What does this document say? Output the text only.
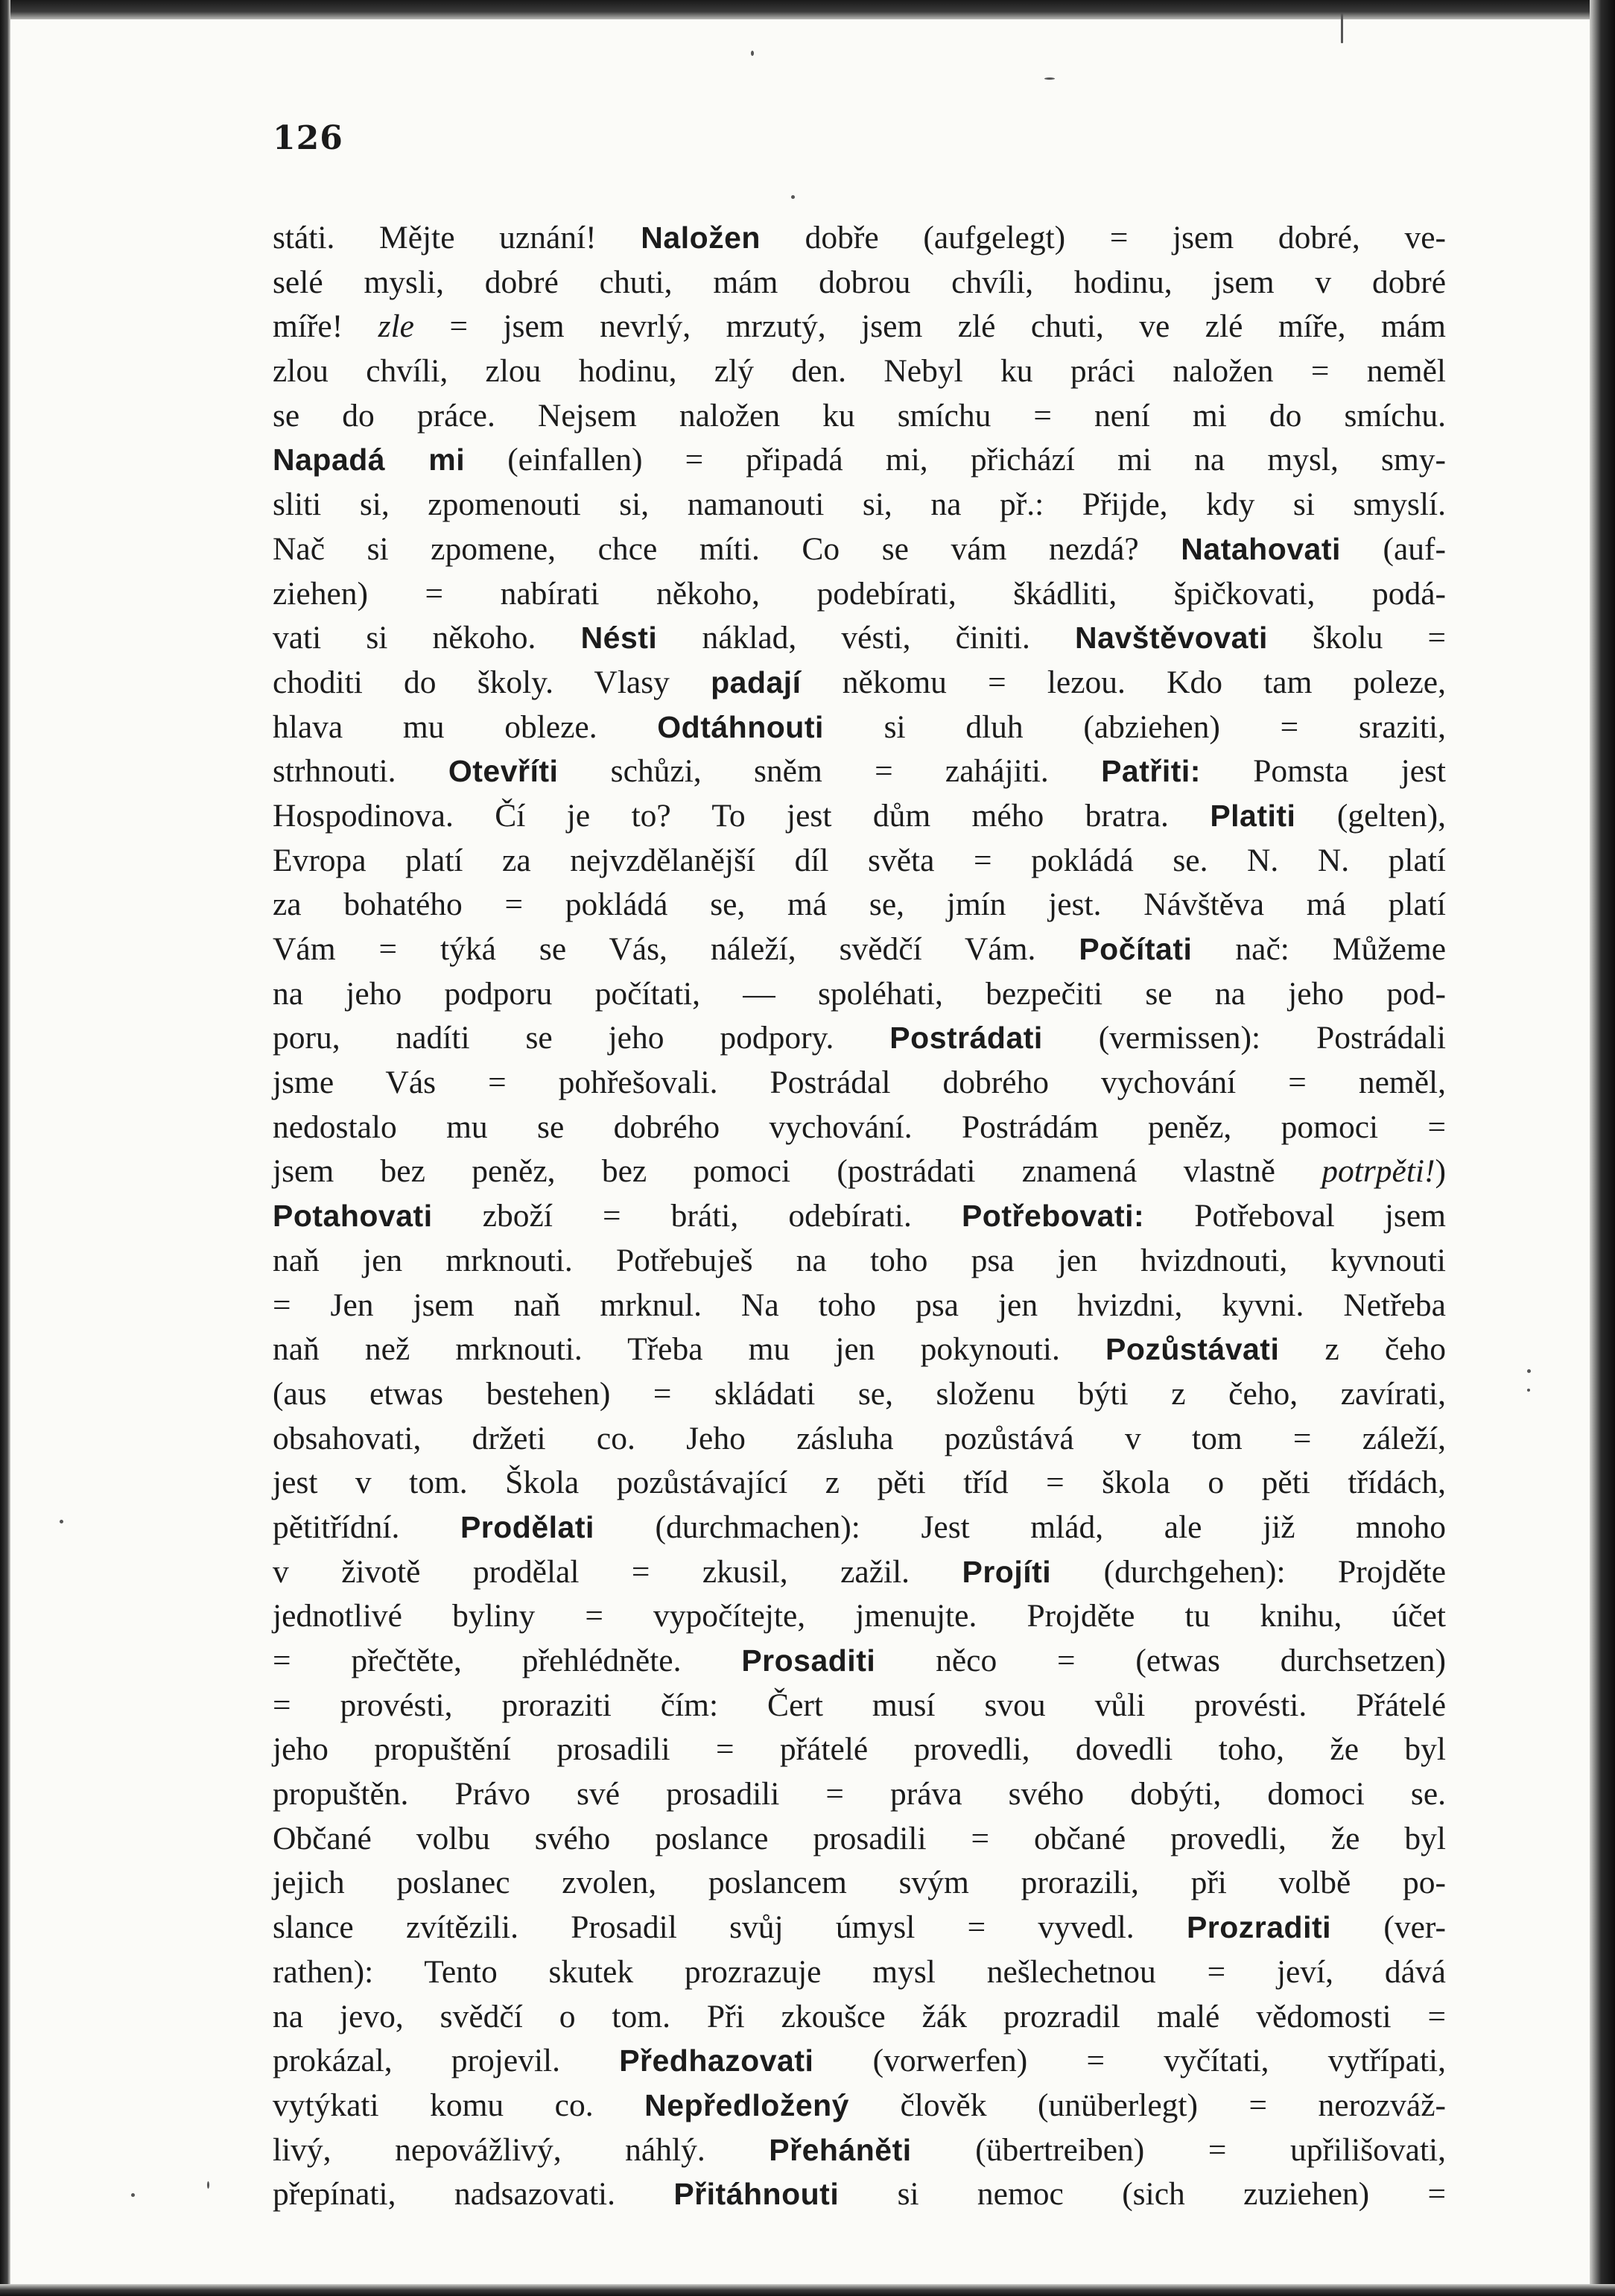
126
státi. Mějte uznání! Naložen dobře (aufgelegt) = jsem dobré, ve-
selé mysli, dobré chuti, mám dobrou chvíli, hodinu, jsem v dobré
míře! zle = jsem nevrlý, mrzutý, jsem zlé chuti, ve zlé míře, mám
zlou chvíli, zlou hodinu, zlý den. Nebyl ku práci naložen = neměl
se do práce. Nejsem naložen ku smíchu = není mi do smíchu.
Napadá mi (einfallen) = připadá mi, přichází mi na mysl, smy-
sliti si, zpomenouti si, namanouti si, na př.: Přijde, kdy si smyslí.
Nač si zpomene, chce míti. Co se vám nezdá? Natahovati (auf-
ziehen) = nabírati někoho, podebírati, škádliti, špičkovati, podá-
vati si někoho. Nésti náklad, vésti, činiti. Navštěvovati školu =
choditi do školy. Vlasy padají někomu = lezou. Kdo tam poleze,
hlava mu obleze. Odtáhnouti si dluh (abziehen) = sraziti,
strhnouti. Otevříti schůzi, sněm = zahájiti. Patřiti: Pomsta jest
Hospodinova. Čí je to? To jest dům mého bratra. Platiti (gelten),
Evropa platí za nejvzdělanější díl světa = pokládá se. N. N. platí
za bohatého = pokládá se, má se, jmín jest. Návštěva má platí
Vám = týká se Vás, náleží, svědčí Vám. Počítati nač: Můžeme
na jeho podporu počítati, — spoléhati, bezpečiti se na jeho pod-
poru, nadíti se jeho podpory. Postrádati (vermissen): Postrádali
jsme Vás = pohřešovali. Postrádal dobrého vychování = neměl,
nedostalo mu se dobrého vychování. Postrádám peněz, pomoci =
jsem bez peněz, bez pomoci (postrádati znamená vlastně potrpěti!)
Potahovati zboží = bráti, odebírati. Potřebovati: Potřeboval jsem
naň jen mrknouti. Potřebuješ na toho psa jen hvizdnouti, kyvnouti
= Jen jsem naň mrknul. Na toho psa jen hvizdni, kyvni. Netřeba
naň než mrknouti. Třeba mu jen pokynouti. Pozůstávati z čeho
(aus etwas bestehen) = skládati se, složenu býti z čeho, zavírati,
obsahovati, držeti co. Jeho zásluha pozůstává v tom = záleží,
jest v tom. Škola pozůstávající z pěti tříd = škola o pěti třídách,
pětitřídní. Prodělati (durchmachen): Jest mlád, ale již mnoho
v životě prodělal = zkusil, zažil. Projíti (durchgehen): Projděte
jednotlivé byliny = vypočítejte, jmenujte. Projděte tu knihu, účet
= přečtěte, přehlédněte. Prosaditi něco = (etwas durchsetzen)
= provésti, proraziti čím: Čert musí svou vůli provésti. Přátelé
jeho propuštění prosadili = přátelé provedli, dovedli toho, že byl
propuštěn. Právo své prosadili = práva svého dobýti, domoci se.
Občané volbu svého poslance prosadili = občané provedli, že byl
jejich poslanec zvolen, poslancem svým prorazili, při volbě po-
slance zvítězili. Prosadil svůj úmysl = vyvedl. Prozraditi (ver-
rathen): Tento skutek prozrazuje mysl nešlechetnou = jeví, dává
na jevo, svědčí o tom. Při zkoušce žák prozradil malé vědomosti =
prokázal, projevil. Předhazovati (vorwerfen) = vyčítati, vytřípati,
vytýkati komu co. Nepředložený člověk (unüberlegt) = nerozváž-
livý, nepovážlivý, náhlý. Přeháněti (übertreiben) = upřilišovati,
přepínati, nadsazovati. Přitáhnouti si nemoc (sich zuziehen) =
